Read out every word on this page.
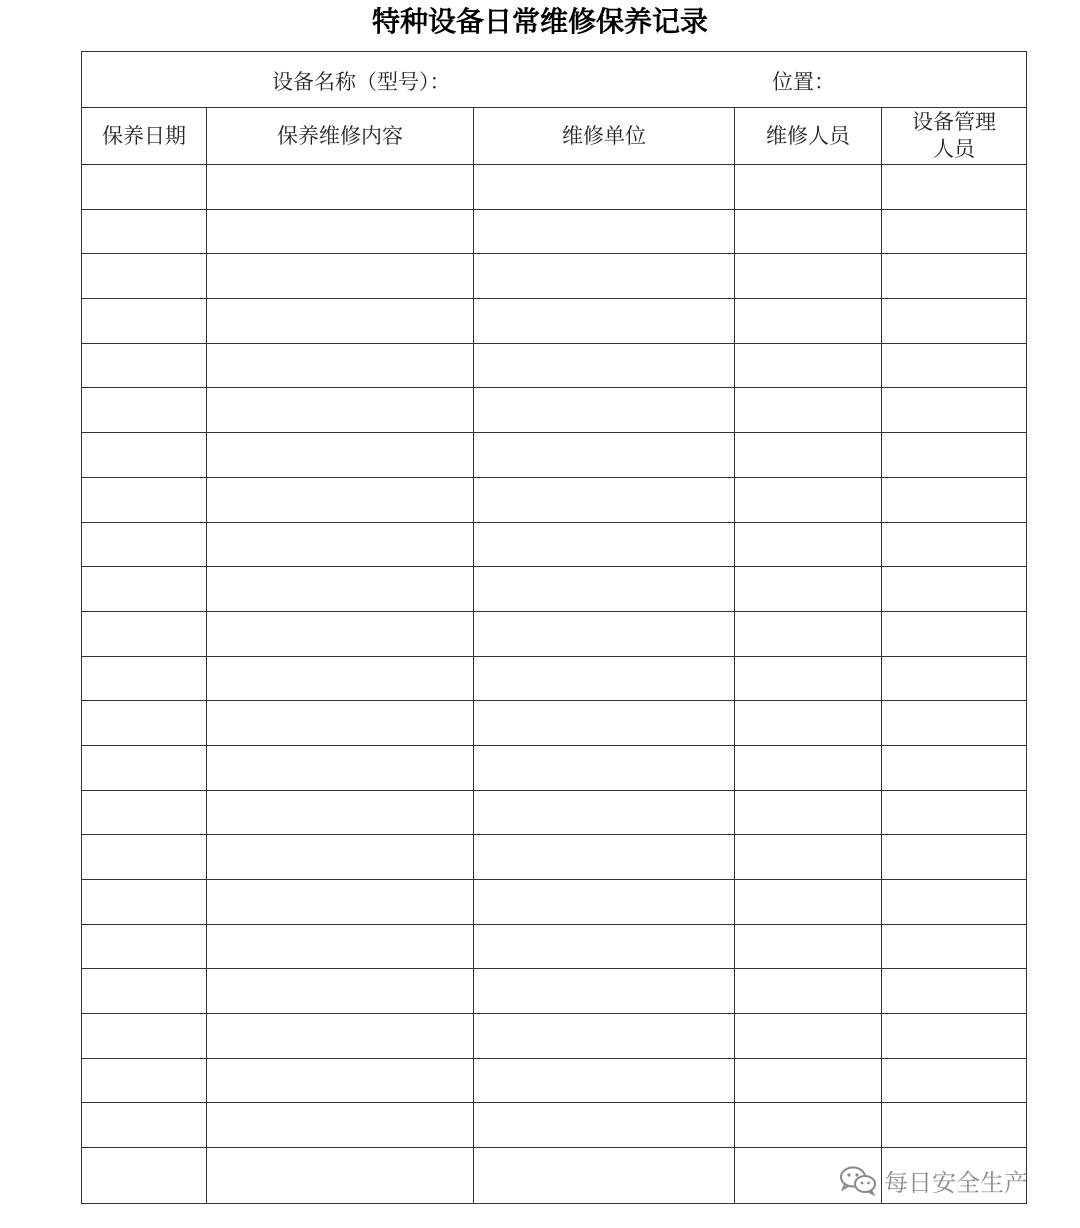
特种设备日常维修保养记录
设备名称（型号）： 位置：				

保养日期	保养维修内容	维修单位	维修人员	设备管理
人员

每日安全生产
